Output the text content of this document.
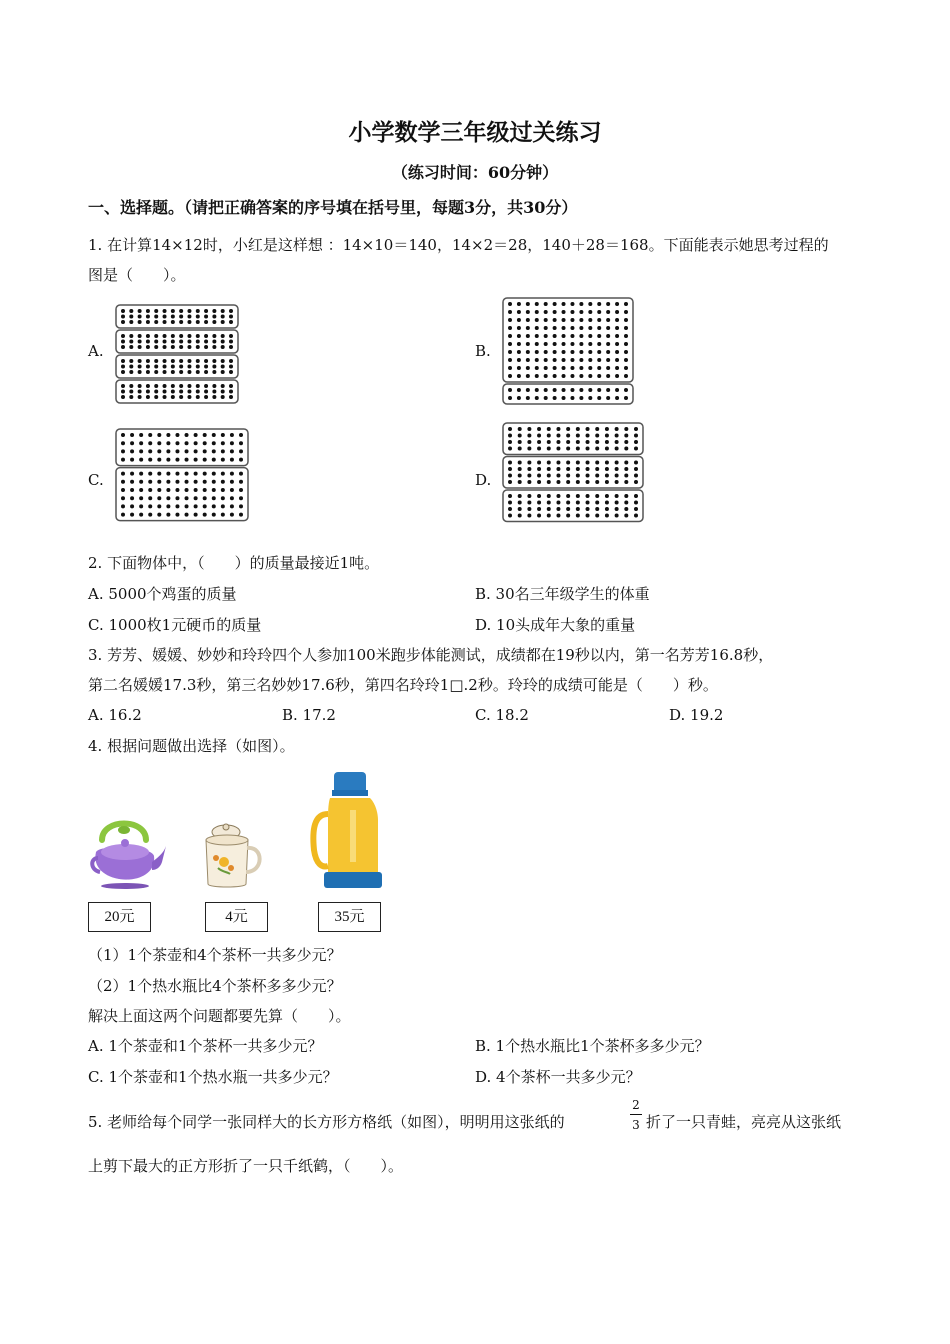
小学数学三年级过关练习
（练习时间：60分钟）
一、选择题。（请把正确答案的序号填在括号里，每题3分，共30分）
1. 在计算14×12时，小红是这样想 ：14×10＝140，14×2＝28，140＋28＝168。下面能表示她思考过程的
图是（　　）。
A.	B.
C.	D.
2. 下面物体中，（　　）的质量最接近1吨。
A. 5000个鸡蛋的质量	B. 30名三年级学生的体重
C. 1000枚1元硬币的质量	D. 10头成年大象的重量
3. 芳芳、媛媛、妙妙和玲玲四个人参加100米跑步体能测试，成绩都在19秒以内，第一名芳芳16.8秒，
第二名媛媛17.3秒，第三名妙妙17.6秒，第四名玲玲1□.2秒。玲玲的成绩可能是（　　）秒。
A. 16.2	B. 17.2	C. 18.2	D. 19.2
4. 根据问题做出选择（如图）。
20元	4元	35元
（1）1个茶壶和4个茶杯一共多少元？
（2）1个热水瓶比4个茶杯多多少元？
解决上面这两个问题都要先算（　　）。
A. 1个茶壶和1个茶杯一共多少元？	B. 1个热水瓶比1个茶杯多多少元？
C. 1个茶壶和1个热水瓶一共多少元？	D. 4个茶杯一共多少元？
5. 老师给每个同学一张同样大的长方形方格纸（如图），明明用这张纸的
2
3 折了一只青蛙，亮亮从这张纸
上剪下最大的正方形折了一只千纸鹤，（　　）。
